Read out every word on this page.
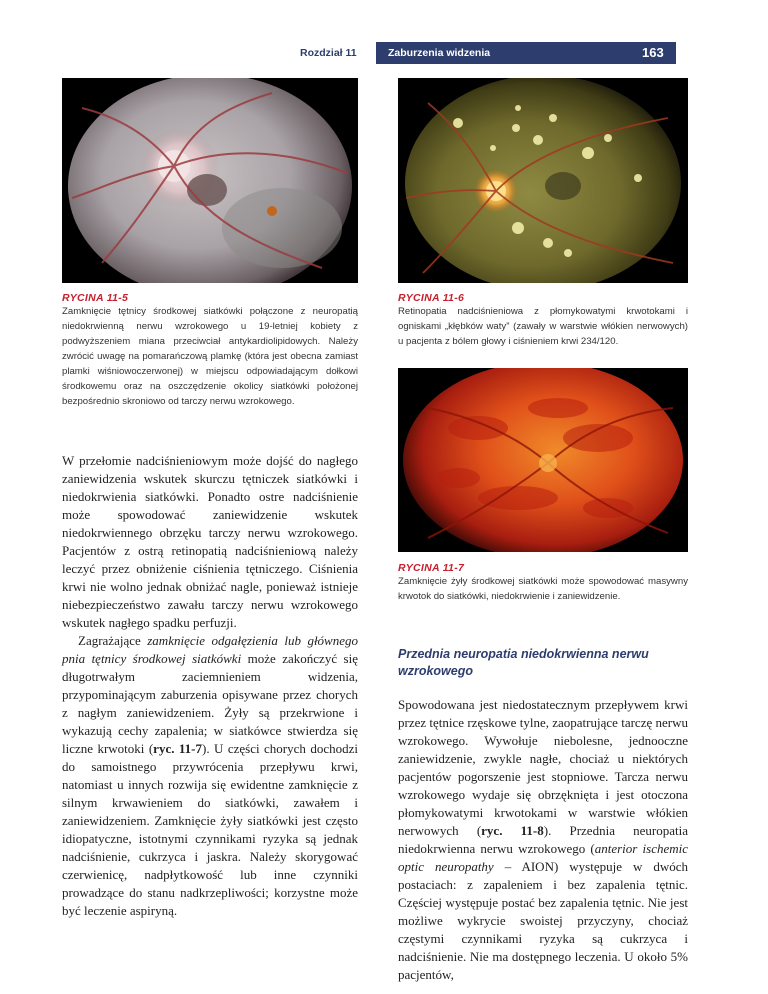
Rozdział 11	Zaburzenia widzenia	163
RYCINA 11-5
Zamknięcie tętnicy środkowej siatkówki połączone z neuropatią niedokrwienną nerwu wzrokowego u 19-letniej kobiety z podwyższeniem miana przeciwciał antykardiolipidowych. Należy zwrócić uwagę na pomarańczową plamkę (która jest obecna zamiast plamki wiśniowoczerwonej) w miejscu odpowiadającym dołkowi środkowemu oraz na oszczędzenie okolicy siatkówki położonej bezpośrednio skroniowo od tarczy nerwu wzrokowego.
RYCINA 11-6
Retinopatia nadciśnieniowa z płomykowatymi krwotokami i ogniskami „kłębków waty” (zawały w warstwie włókien nerwowych) u pacjenta z bólem głowy i ciśnieniem krwi 234/120.
RYCINA 11-7
Zamknięcie żyły środkowej siatkówki może spowodować masywny krwotok do siatkówki, niedokrwienie i zaniewidzenie.

W przełomie nadciśnieniowym może dojść do nagłego zaniewidzenia wskutek skurczu tętniczek siatkówki i niedokrwienia siatkówki. Ponadto ostre nadciśnienie może spowodować zaniewidzenie wskutek niedokrwiennego obrzęku tarczy nerwu wzrokowego. Pacjentów z ostrą retinopatią nadciśnieniową należy leczyć przez obniżenie ciśnienia tętniczego. Ciśnienia krwi nie wolno jednak obniżać nagle, ponieważ istnieje niebezpieczeństwo zawału tarczy nerwu wzrokowego wskutek nagłego spadku perfuzji.

Zagrażające zamknięcie odgałęzienia lub głównego pnia tętnicy środkowej siatkówki może zakończyć się długotrwałym zaciemnieniem widzenia, przypominającym zaburzenia opisywane przez chorych z nagłym zaniewidzeniem. Żyły są przekrwione i wykazują cechy zapalenia; w siatkówce stwierdza się liczne krwotoki (ryc. 11-7). U części chorych dochodzi do samoistnego przywrócenia przepływu krwi, natomiast u innych rozwija się ewidentne zamknięcie z silnym krwawieniem do siatkówki, zawałem i zaniewidzeniem. Zamknięcie żyły siatkówki jest często idiopatyczne, istotnymi czynnikami ryzyka są jednak nadciśnienie, cukrzyca i jaskra. Należy skorygować czerwienicę, nadpłytkowość lub inne czynniki prowadzące do stanu nadkrzepliwości; korzystne może być leczenie aspiryną.

Przednia neuropatia niedokrwienna nerwu wzrokowego

Spowodowana jest niedostatecznym przepływem krwi przez tętnice rzęskowe tylne, zaopatrujące tarczę nerwu wzrokowego. Wywołuje niebolesne, jednooczne zaniewidzenie, zwykle nagłe, chociaż u niektórych pacjentów pogorszenie jest stopniowe. Tarcza nerwu wzrokowego wydaje się obrzęknięta i jest otoczona płomykowatymi krwotokami w warstwie włókien nerwowych (ryc. 11-8). Przednia neuropatia niedokrwienna nerwu wzrokowego (anterior ischemic optic neuropathy – AION) występuje w dwóch postaciach: z zapaleniem i bez zapalenia tętnic. Częściej występuje postać bez zapalenia tętnic. Nie jest możliwe wykrycie swoistej przyczyny, chociaż częstymi czynnikami ryzyka są cukrzyca i nadciśnienie. Nie ma dostępnego leczenia. U około 5% pacjentów,
